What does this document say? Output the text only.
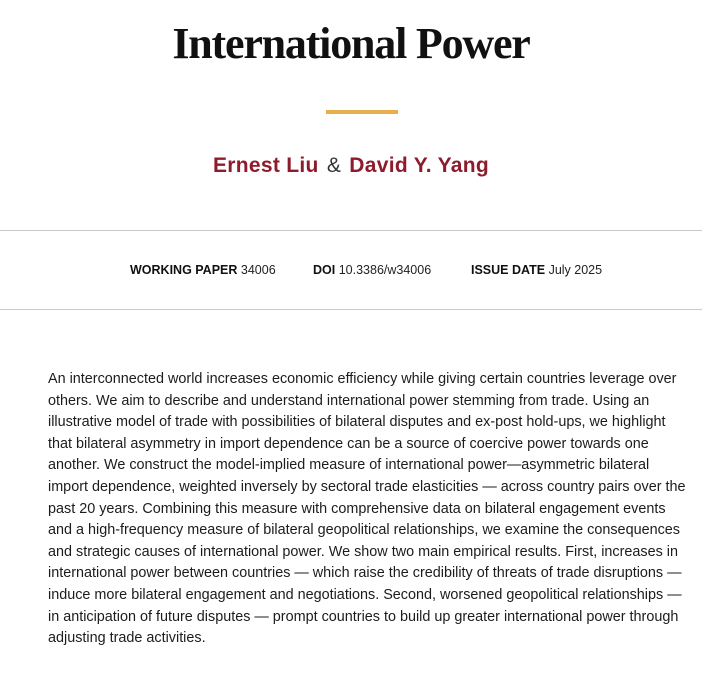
International Power
Ernest Liu & David Y. Yang
WORKING PAPER 34006	DOI 10.3386/w34006	ISSUE DATE July 2025

An interconnected world increases economic efficiency while giving certain countries leverage over others. We aim to describe and understand international power stemming from trade. Using an illustrative model of trade with possibilities of bilateral disputes and ex-post hold-ups, we highlight that bilateral asymmetry in import dependence can be a source of coercive power towards one another. We construct the model-implied measure of international power—asymmetric bilateral import dependence, weighted inversely by sectoral trade elasticities — across country pairs over the past 20 years. Combining this measure with comprehensive data on bilateral engagement events and a high-frequency measure of bilateral geopolitical relationships, we examine the consequences and strategic causes of international power. We show two main empirical results. First, increases in international power between countries — which raise the credibility of threats of trade disruptions — induce more bilateral engagement and negotiations. Second, worsened geopolitical relationships — in anticipation of future disputes — prompt countries to build up greater international power through adjusting trade activities.
